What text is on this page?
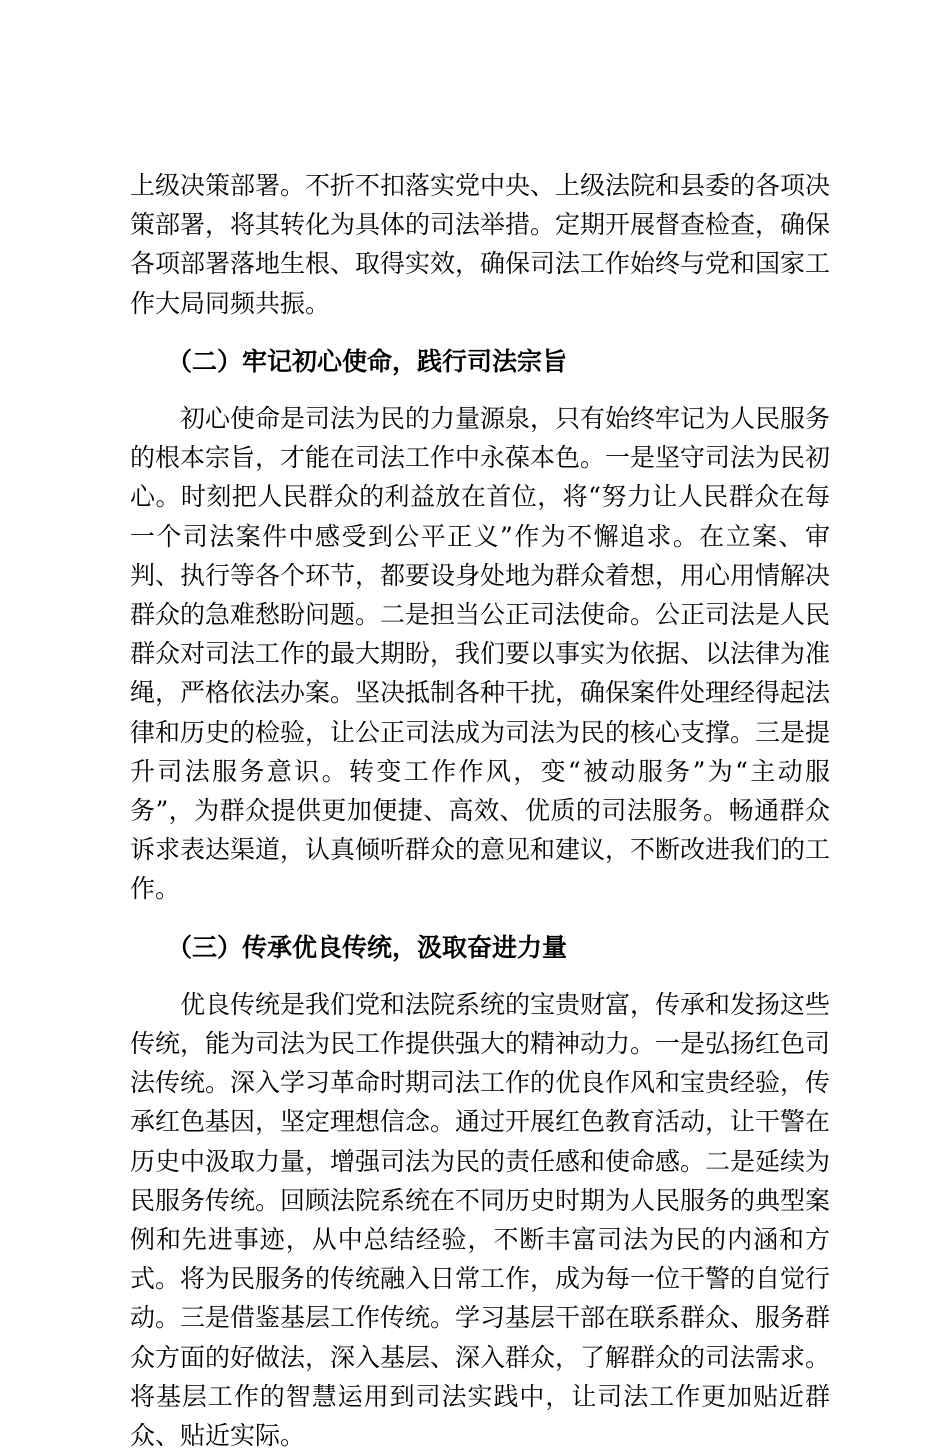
上级决策部署。不折不扣落实党中央、上级法院和县委的各项决策部署，将其转化为具体的司法举措。定期开展督查检查，确保各项部署落地生根、取得实效，确保司法工作始终与党和国家工作大局同频共振。

（二）牢记初心使命，践行司法宗旨

初心使命是司法为民的力量源泉，只有始终牢记为人民服务的根本宗旨，才能在司法工作中永葆本色。一是坚守司法为民初心。时刻把人民群众的利益放在首位，将“努力让人民群众在每一个司法案件中感受到公平正义”作为不懈追求。在立案、审判、执行等各个环节，都要设身处地为群众着想，用心用情解决群众的急难愁盼问题。二是担当公正司法使命。公正司法是人民群众对司法工作的最大期盼，我们要以事实为依据、以法律为准绳，严格依法办案。坚决抵制各种干扰，确保案件处理经得起法律和历史的检验，让公正司法成为司法为民的核心支撑。三是提升司法服务意识。转变工作作风，变“被动服务”为“主动服务”，为群众提供更加便捷、高效、优质的司法服务。畅通群众诉求表达渠道，认真倾听群众的意见和建议，不断改进我们的工作。

（三）传承优良传统，汲取奋进力量

优良传统是我们党和法院系统的宝贵财富，传承和发扬这些传统，能为司法为民工作提供强大的精神动力。一是弘扬红色司法传统。深入学习革命时期司法工作的优良作风和宝贵经验，传承红色基因，坚定理想信念。通过开展红色教育活动，让干警在历史中汲取力量，增强司法为民的责任感和使命感。二是延续为民服务传统。回顾法院系统在不同历史时期为人民服务的典型案例和先进事迹，从中总结经验，不断丰富司法为民的内涵和方式。将为民服务的传统融入日常工作，成为每一位干警的自觉行动。三是借鉴基层工作传统。学习基层干部在联系群众、服务群众方面的好做法，深入基层、深入群众，了解群众的司法需求。将基层工作的智慧运用到司法实践中，让司法工作更加贴近群众、贴近实际。
